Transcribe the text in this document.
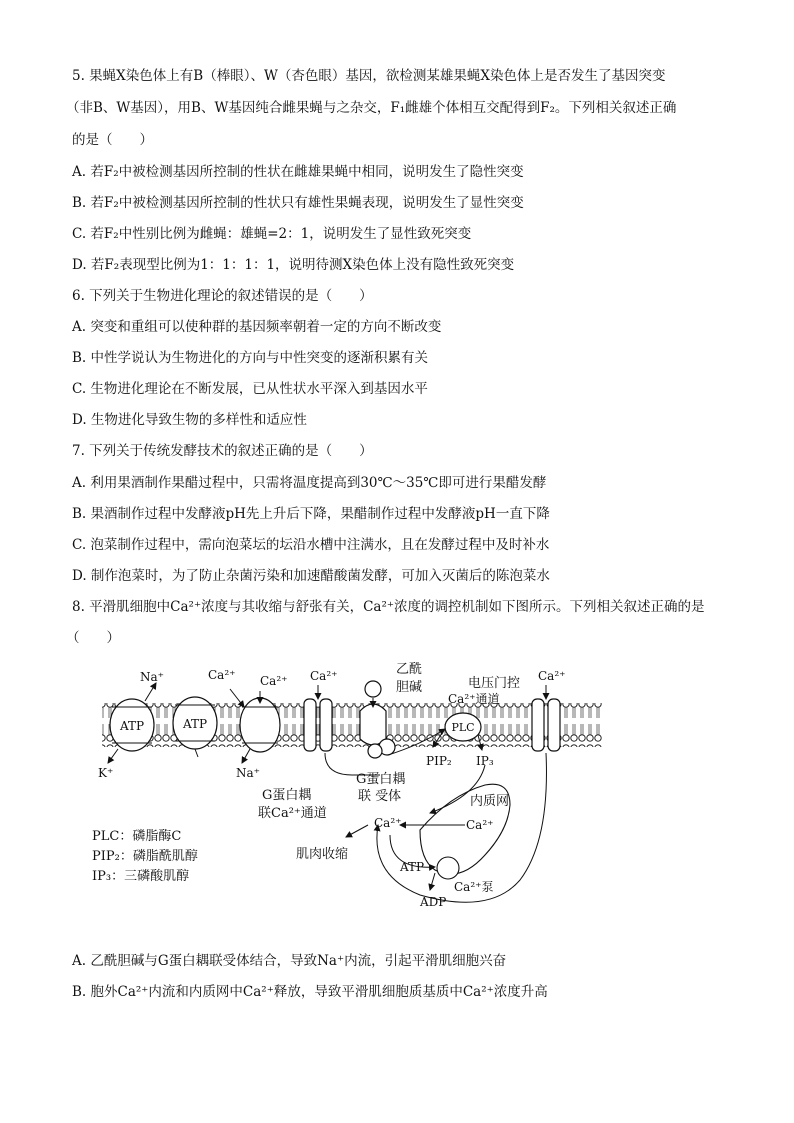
5. 果蝇X染色体上有B（棒眼）、W（杏色眼）基因，欲检测某雄果蝇X染色体上是否发生了基因突变
（非B、W基因），用B、W基因纯合雌果蝇与之杂交，F₁雌雄个体相互交配得到F₂。下列相关叙述正确
的是（　　）
A. 若F₂中被检测基因所控制的性状在雌雄果蝇中相同，说明发生了隐性突变
B. 若F₂中被检测基因所控制的性状只有雄性果蝇表现，说明发生了显性突变
C. 若F₂中性别比例为雌蝇：雄蝇=2：1，说明发生了显性致死突变
D. 若F₂表现型比例为1：1：1：1，说明待测X染色体上没有隐性致死突变
6. 下列关于生物进化理论的叙述错误的是（　　）
A. 突变和重组可以使种群的基因频率朝着一定的方向不断改变
B. 中性学说认为生物进化的方向与中性突变的逐渐积累有关
C. 生物进化理论在不断发展，已从性状水平深入到基因水平
D. 生物进化导致生物的多样性和适应性
7. 下列关于传统发酵技术的叙述正确的是（　　）
A. 利用果酒制作果醋过程中，只需将温度提高到30℃～35℃即可进行果醋发酵
B. 果酒制作过程中发酵液pH先上升后下降，果醋制作过程中发酵液pH一直下降
C. 泡菜制作过程中，需向泡菜坛的坛沿水槽中注满水，且在发酵过程中及时补水
D. 制作泡菜时，为了防止杂菌污染和加速醋酸菌发酵，可加入灭菌后的陈泡菜水
8. 平滑肌细胞中Ca²⁺浓度与其收缩与舒张有关，Ca²⁺浓度的调控机制如下图所示。下列相关叙述正确的是
（　　）
ATP	ATP	PLC
Na⁺	Ca²⁺ Ca²⁺ Ca²⁺	Ca²⁺
K⁺	Na⁺
乙酰
胆碱	电压门控
Ca²⁺通道
PIP₂ IP₃
G蛋白耦
联 受体
G蛋白耦
联Ca²⁺通道
内质网
Ca²⁺	Ca²⁺
肌肉收缩
ATP
ADP
Ca²⁺泵
PLC：磷脂酶C
PIP₂：磷脂酰肌醇
IP₃：三磷酸肌醇
A. 乙酰胆碱与G蛋白耦联受体结合，导致Na⁺内流，引起平滑肌细胞兴奋
B. 胞外Ca²⁺内流和内质网中Ca²⁺释放，导致平滑肌细胞质基质中Ca²⁺浓度升高
